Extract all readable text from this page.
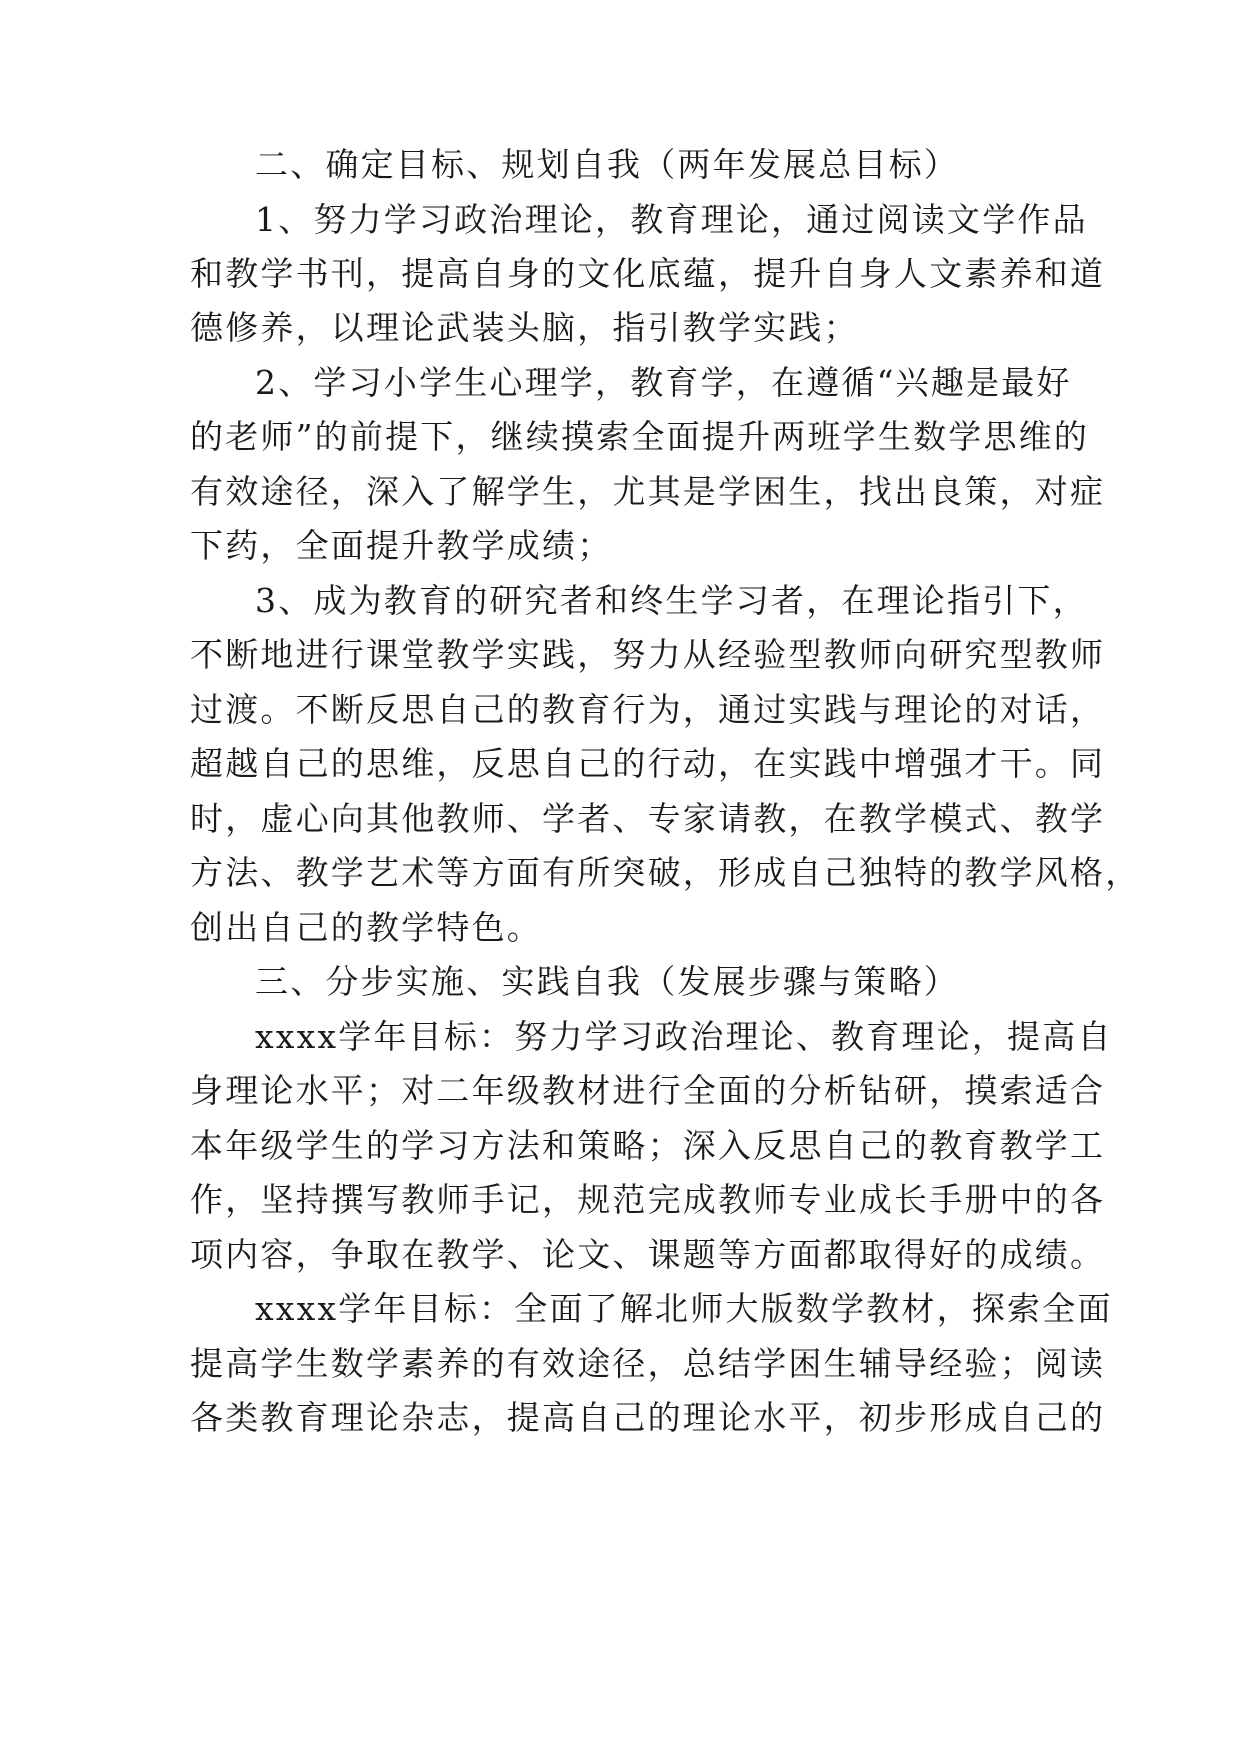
二、确定目标、规划自我（两年发展总目标）
1、努力学习政治理论，教育理论，通过阅读文学作品
和教学书刊，提高自身的文化底蕴，提升自身人文素养和道
德修养，以理论武装头脑，指引教学实践；
2、学习小学生心理学，教育学，在遵循“兴趣是最好
的老师”的前提下，继续摸索全面提升两班学生数学思维的
有效途径，深入了解学生，尤其是学困生，找出良策，对症
下药，全面提升教学成绩；
3、成为教育的研究者和终生学习者，在理论指引下，
不断地进行课堂教学实践，努力从经验型教师向研究型教师
过渡。不断反思自己的教育行为，通过实践与理论的对话，
超越自己的思维，反思自己的行动，在实践中增强才干。同
时，虚心向其他教师、学者、专家请教，在教学模式、教学
方法、教学艺术等方面有所突破，形成自己独特的教学风格，
创出自己的教学特色。
三、分步实施、实践自我（发展步骤与策略）
xxxx学年目标：努力学习政治理论、教育理论，提高自
身理论水平；对二年级教材进行全面的分析钻研，摸索适合
本年级学生的学习方法和策略；深入反思自己的教育教学工
作，坚持撰写教师手记，规范完成教师专业成长手册中的各
项内容，争取在教学、论文、课题等方面都取得好的成绩。
xxxx学年目标：全面了解北师大版数学教材，探索全面
提高学生数学素养的有效途径，总结学困生辅导经验；阅读
各类教育理论杂志，提高自己的理论水平，初步形成自己的
